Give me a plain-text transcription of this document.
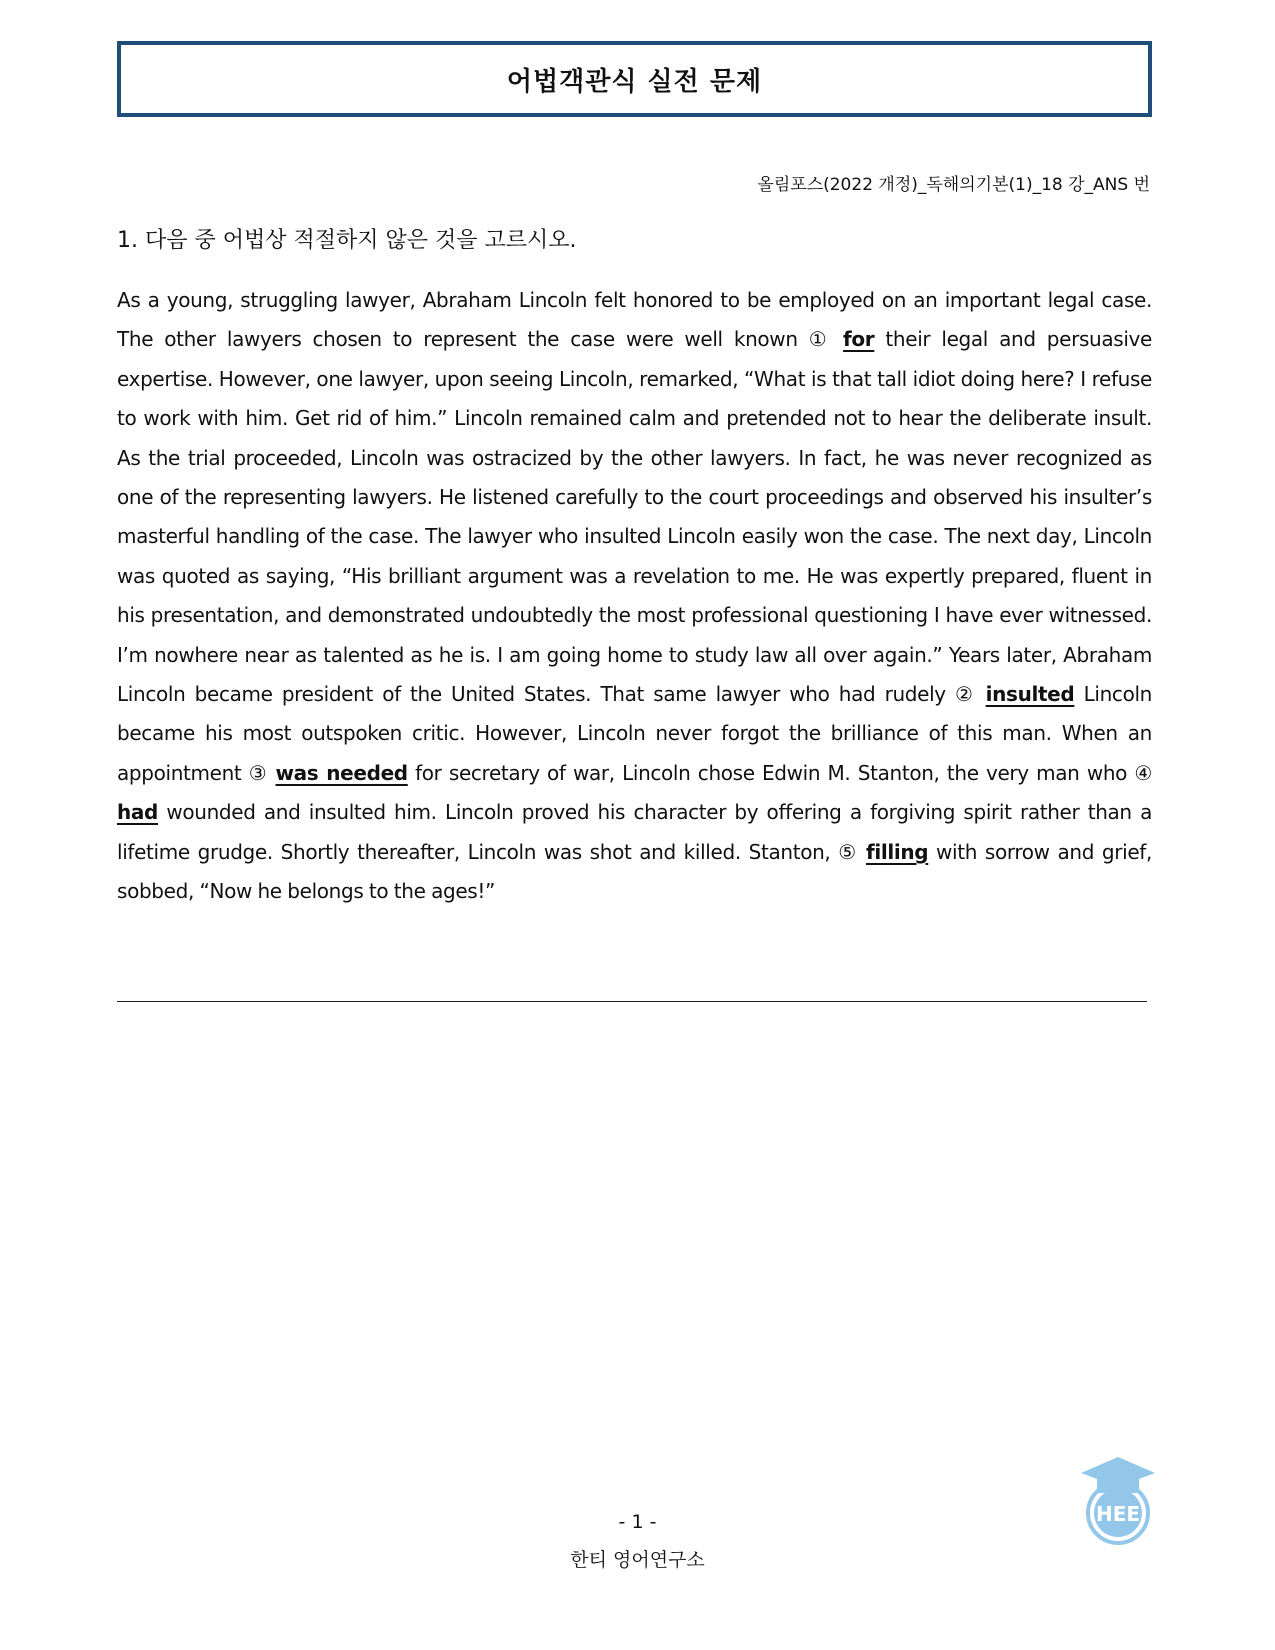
어법객관식 실전 문제
올림포스(2022 개정)_독해의기본(1)_18 강_ANS 번
1. 다음 중 어법상 적절하지 않은 것을 고르시오.

As a young, struggling lawyer, Abraham Lincoln felt honored to be employed on an important legal case. The other lawyers chosen to represent the case were well known ① for their legal and persuasive expertise. However, one lawyer, upon seeing Lincoln, remarked, “What is that tall idiot doing here? I refuse to work with him. Get rid of him.” Lincoln remained calm and pretended not to hear the deliberate insult. As the trial proceeded, Lincoln was ostracized by the other lawyers. In fact, he was never recognized as one of the representing lawyers. He listened carefully to the court proceedings and observed his insulter’s masterful handling of the case. The lawyer who insulted Lincoln easily won the case. The next day, Lincoln was quoted as saying, “His brilliant argument was a revelation to me. He was expertly prepared, fluent in his presentation, and demonstrated undoubtedly the most professional questioning I have ever witnessed. I’m nowhere near as talented as he is. I am going home to study law all over again.” Years later, Abraham Lincoln became president of the United States. That same lawyer who had rudely ② insulted Lincoln became his most outspoken critic. However, Lincoln never forgot the brilliance of this man. When an appointment ③ was needed for secretary of war, Lincoln chose Edwin M. Stanton, the very man who ④ had wounded and insulted him. Lincoln proved his character by offering a forgiving spirit rather than a lifetime grudge. Shortly thereafter, Lincoln was shot and killed. Stanton, ⑤ filling with sorrow and grief, sobbed, “Now he belongs to the ages!”

HEE
- 1 -
한티 영어연구소
